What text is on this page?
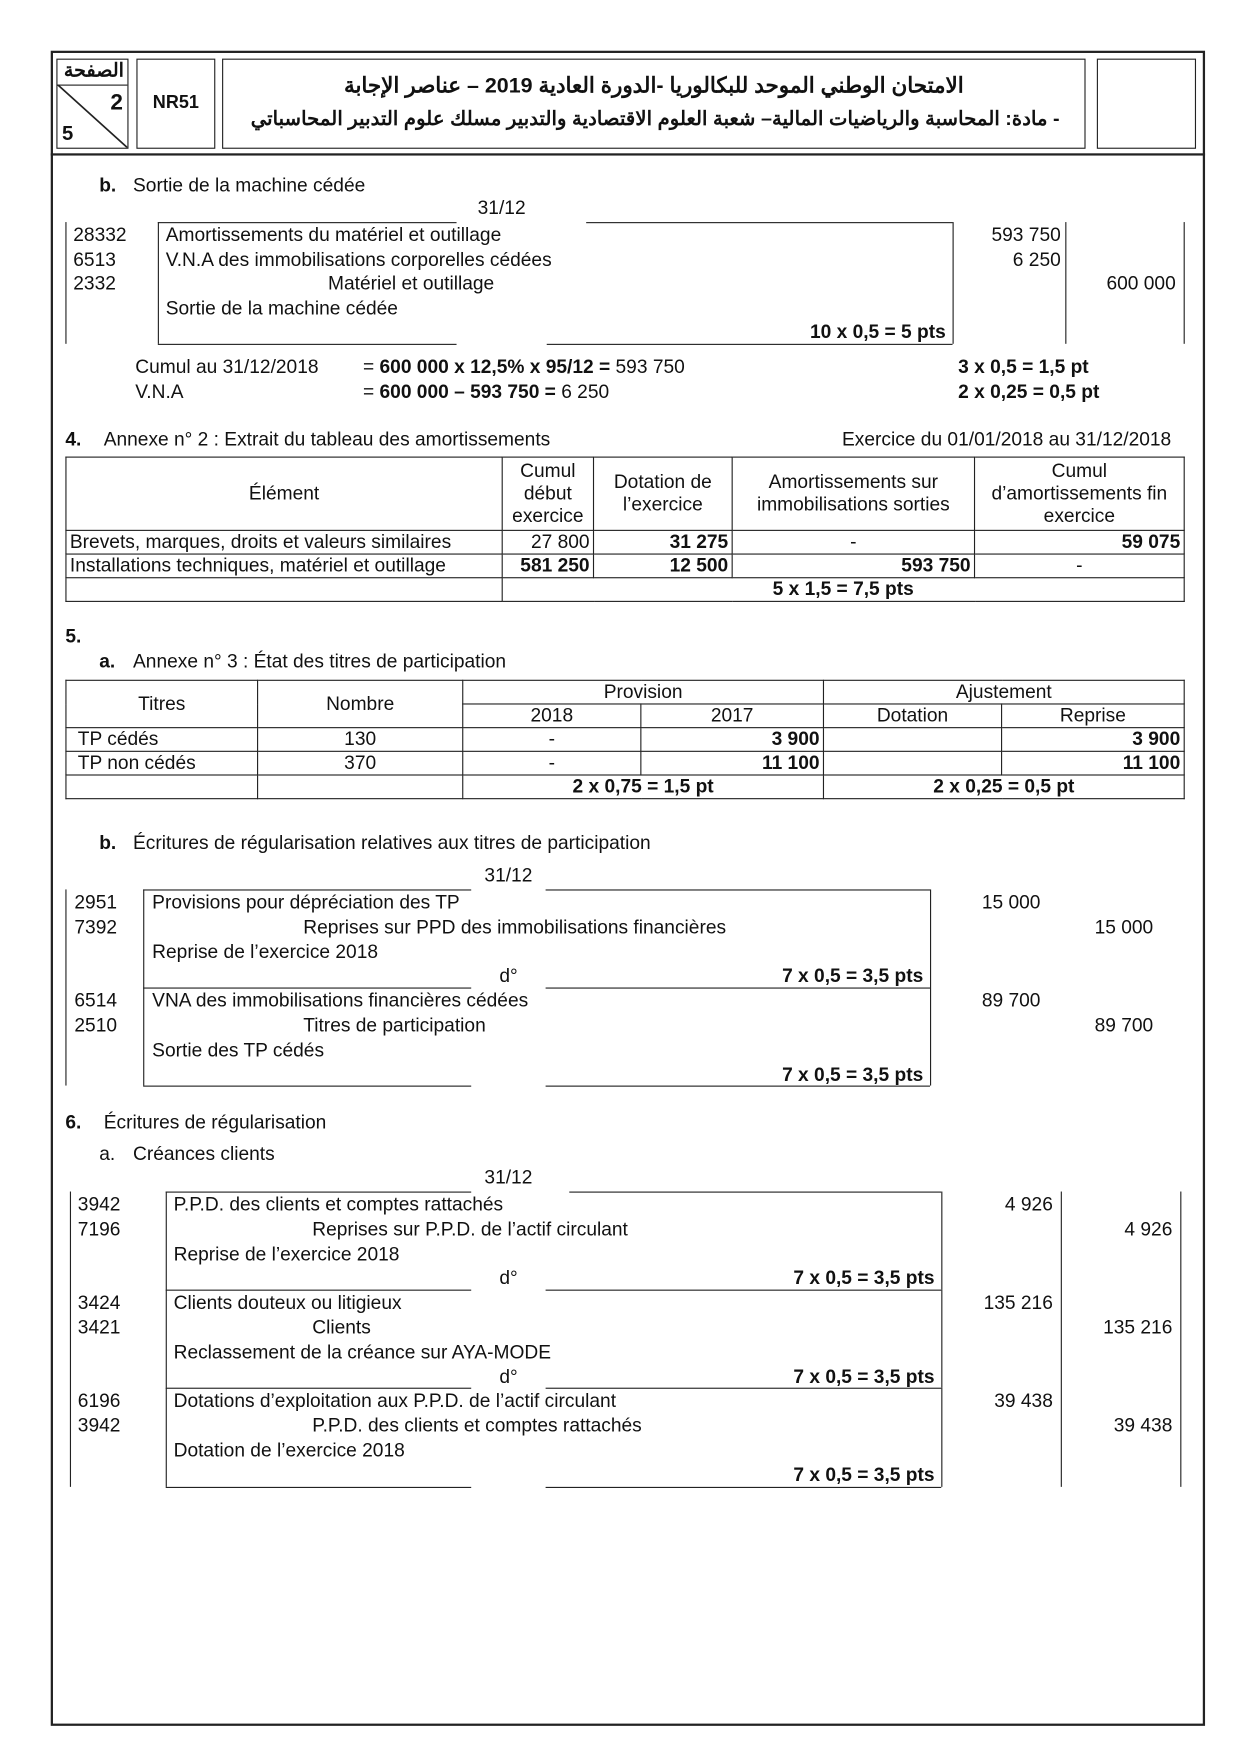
الصفحة
2
5
NR51
الامتحان الوطني الموحد للبكالوريا -الدورة العادية 2019 – عناصر الإجابة
- مادة: المحاسبة والرياضيات المالية– شعبة العلوم الاقتصادية والتدبير مسلك علوم التدبير المحاسباتي
b. Sortie de la machine cédée
31/12
28332 Amortissements du matériel et outillage	593 750
6513	V.N.A des immobilisations corporelles cédées	6 250
2332	Matériel et outillage	600 000
Sortie de la machine cédée
10 x 0,5 = 5 pts
Cumul au 31/12/2018	= 600 000 x 12,5% x 95/12 = 593 750	3 x 0,5 = 1,5 pt
V.N.A	= 600 000 – 593 750 = 6 250	2 x 0,25 = 0,5 pt
4. Annexe n° 2 : Extrait du tableau des amortissements	Exercice du 01/01/2018 au 31/12/2018
Élément	Cumul début exercice	Dotation de l’exercice	Amortissements sur immobilisations sorties	Cumul d’amortissements fin exercice
Brevets, marques, droits et valeurs similaires	27 800	31 275	-	59 075
Installations techniques, matériel et outillage	581 250	12 500	593 750	-
	5 x 1,5 = 7,5 pts			
5.
a. Annexe n° 3 : État des titres de participation
Titres	Nombre	Provision		Ajustement	
		2018	2017	Dotation	Reprise
TP cédés	130	-	3 900		3 900
TP non cédés	370	-	11 100		11 100
		2 x 0,75 = 1,5 pt		2 x 0,25 = 0,5 pt	
b. Écritures de régularisation relatives aux titres de participation
31/12
2951 Provisions pour dépréciation des TP	15 000
7392	Reprises sur PPD des immobilisations financières	15 000
Reprise de l’exercice 2018
d°	7 x 0,5 = 3,5 pts
6514 VNA des immobilisations financières cédées	89 700
2510	Titres de participation	89 700
Sortie des TP cédés
7 x 0,5 = 3,5 pts
6. Écritures de régularisation
a. Créances clients
31/12
3942	P.P.D. des clients et comptes rattachés	4 926
7196	Reprises sur P.P.D. de l’actif circulant	4 926
Reprise de l’exercice 2018
d°	7 x 0,5 = 3,5 pts
3424	Clients douteux ou litigieux	135 216
3421	Clients	135 216
Reclassement de la créance sur AYA-MODE
d°	7 x 0,5 = 3,5 pts
6196	Dotations d’exploitation aux P.P.D. de l’actif circulant	39 438
3942	P.P.D. des clients et comptes rattachés	39 438
Dotation de l’exercice 2018
7 x 0,5 = 3,5 pts
